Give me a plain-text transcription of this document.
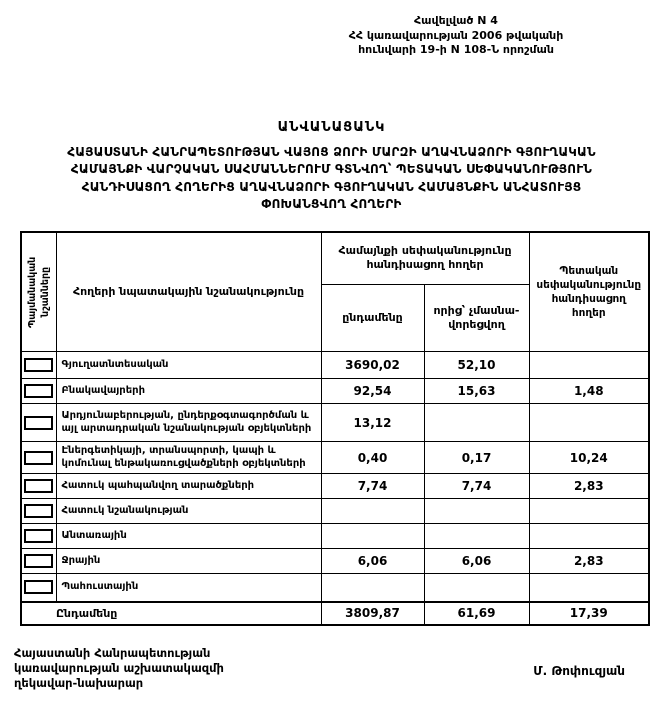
Հավելված N 4
ՀՀ կառավարության 2006 թվականի
հունվարի 19-ի N 108-Ն որոշման
ԱՆՎԱՆԱՑԱՆԿ
ՀԱՅԱՍՏԱՆԻ ՀԱՆՐԱՊԵՏՈՒԹՅԱՆ ՎԱՅՈՑ ՁՈՐԻ ՄԱՐԶԻ ԱՂԱՎՆԱՁՈՐԻ ԳՅՈՒՂԱԿԱՆ
ՀԱՄԱՅՆՔԻ ՎԱՐՉԱԿԱՆ ՍԱՀՄԱՆՆԵՐՈՒՄ ԳՏՆՎՈՂ՝ ՊԵՏԱԿԱՆ ՍԵՓԱԿԱՆՈՒԹՅՈՒՆ
ՀԱՆԴԻՍԱՑՈՂ ՀՈՂԵՐԻՑ ԱՂԱՎՆԱՁՈՐԻ ԳՅՈՒՂԱԿԱՆ ՀԱՄԱՅՆՔԻՆ ԱՆՀԱՏՈՒՅՑ
ՓՈԽԱՆՑՎՈՂ ՀՈՂԵՐԻ
Պայմանական նշանները	Հողերի նպատակային նշանակությունը	Համայնքի սեփականությունը հանդիսացող հողեր		Պետական սեփականությունը հանդիսացող հողեր
		ընդամենը	որից՝ չմասնա-վորեցվող	

	Գյուղատնտեսական	3690,02	52,10	

	Բնակավայրերի	92,54	15,63	1,48

	Արդյունաբերության, ընդերքօգտագործման և այլ արտադրական նշանակության օբյեկտների	13,12		

	Էներգետիկայի, տրանսպորտի, կապի և կոմունալ ենթակառուցվածքների օբյեկտների	0,40	0,17	10,24

	Հատուկ պահպանվող տարածքների	7,74	7,74	2,83

	Հատուկ նշանակության			

	Անտառային			

	Ջրային	6,06	6,06	2,83

	Պահուստային			
Ընդամենը		3809,87	61,69	17,39
Հայաստանի Հանրապետության
կառավարության աշխատակազմի
ղեկավար-նախարար
Մ. Թոփուզյան
